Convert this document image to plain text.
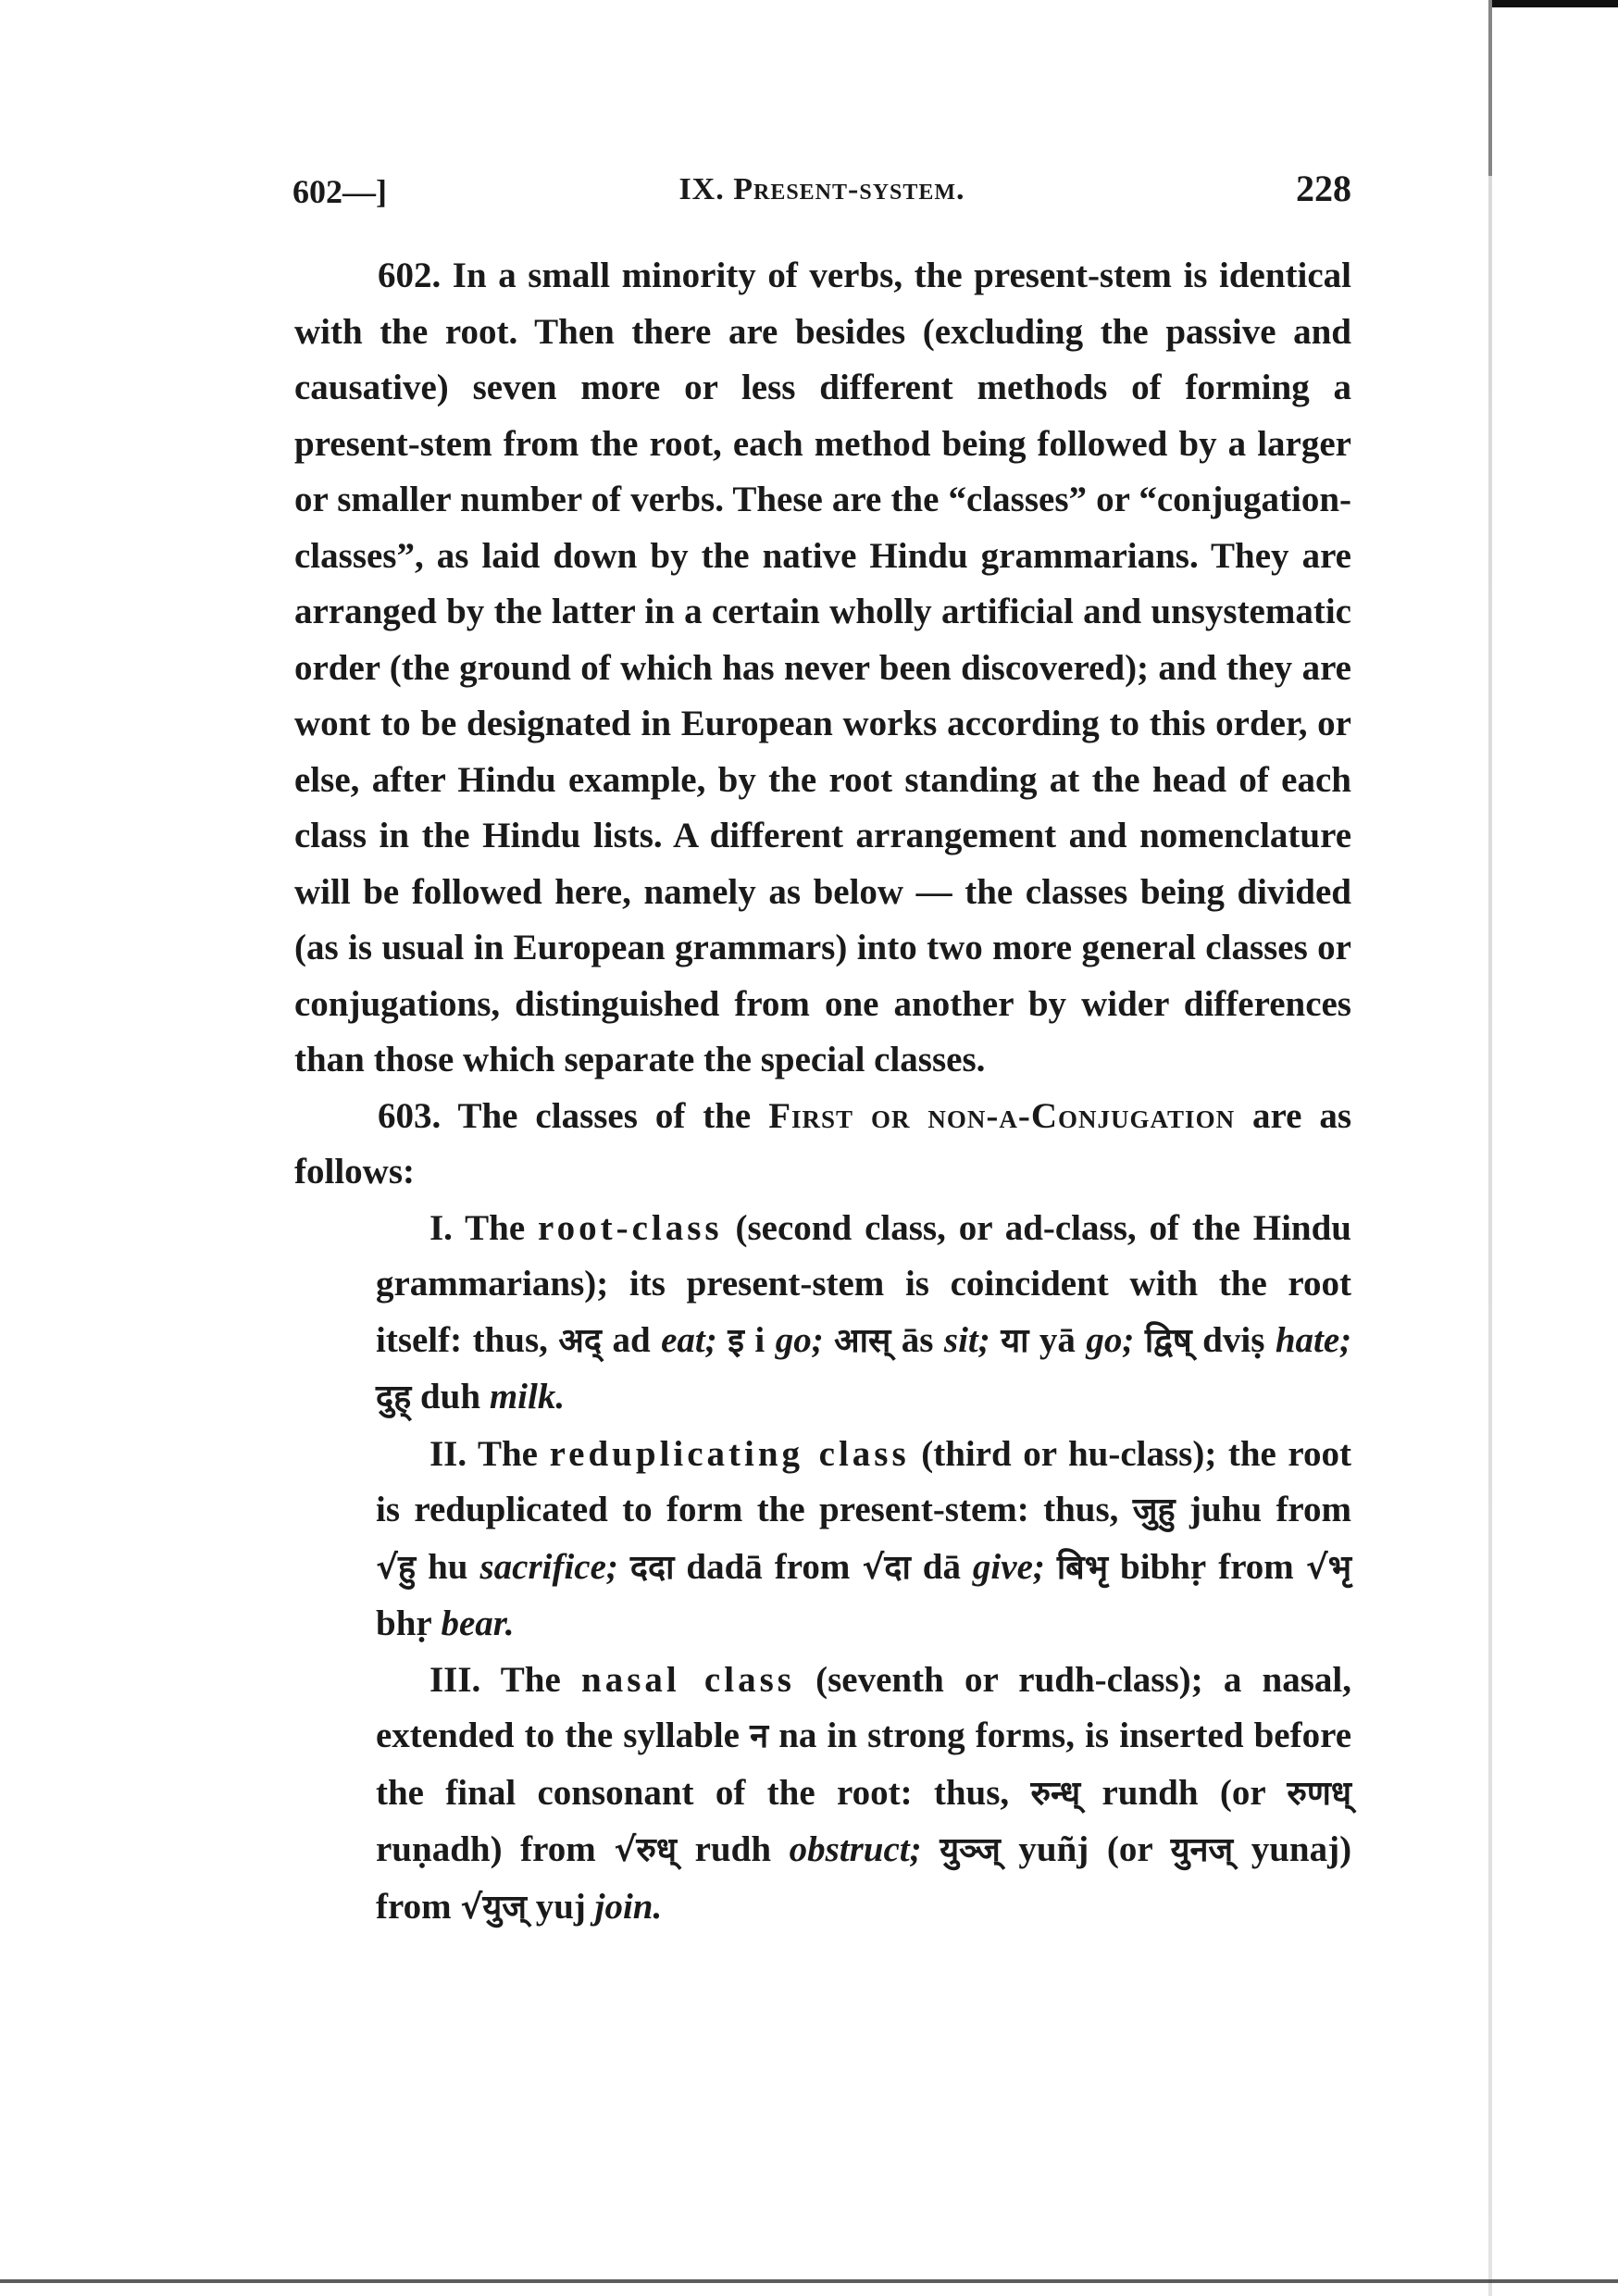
602—]	IX. Present-system.	228

602. In a small minority of verbs, the present-stem is identical with the root. Then there are besides (excluding the passive and causative) seven more or less different methods of forming a present-stem from the root, each method being followed by a larger or smaller number of verbs. These are the “classes” or “conjugation-classes”, as laid down by the native Hindu grammarians. They are arranged by the latter in a certain wholly artificial and unsystematic order (the ground of which has never been discovered); and they are wont to be designated in European works according to this order, or else, after Hindu example, by the root standing at the head of each class in the Hindu lists. A different arrangement and nomenclature will be followed here, namely as below — the classes being divided (as is usual in European grammars) into two more general classes or conjugations, distinguished from one another by wider differences than those which separate the special classes.

603. The classes of the First or non-a-Conjugation are as follows:

I. The root-class (second class, or ad-class, of the Hindu grammarians); its present-stem is coincident with the root itself: thus, अद् ad eat; इ i go; आस् ās sit; या yā go; द्विष् dviṣ hate; दुह् duh milk.

II. The reduplicating class (third or hu-class); the root is reduplicated to form the present-stem: thus, जुहु juhu from √हु hu sacrifice; ददा dadā from √दा dā give; बिभृ bibhṛ from √भृ bhṛ bear.

III. The nasal class (seventh or rudh-class); a nasal, extended to the syllable न na in strong forms, is inserted before the final consonant of the root: thus, रुन्ध् rundh (or रुणध् ruṇadh) from √रुध् rudh obstruct; युञ्ज् yuñj (or युनज् yunaj) from √युज् yuj join.
